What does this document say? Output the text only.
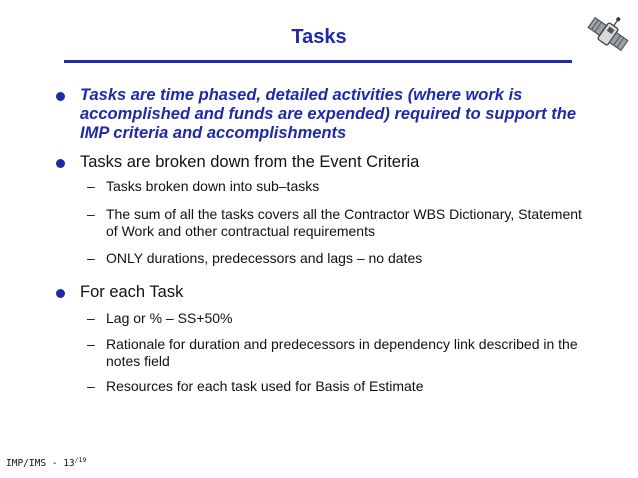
Tasks
Tasks are time phased, detailed activities (where work is accomplished and funds are expended) required to support the IMP criteria and accomplishments
Tasks are broken down from the Event Criteria
– Tasks broken down into sub–tasks
– The sum of all the tasks covers all the Contractor WBS Dictionary, Statement of Work and other contractual requirements
– ONLY durations, predecessors and lags – no dates
For each Task
– Lag or % – SS+50%
– Rationale for duration and predecessors in dependency link described in the notes field
– Resources for each task used for Basis of Estimate
$IMP/IMS - 13^{/19}$
